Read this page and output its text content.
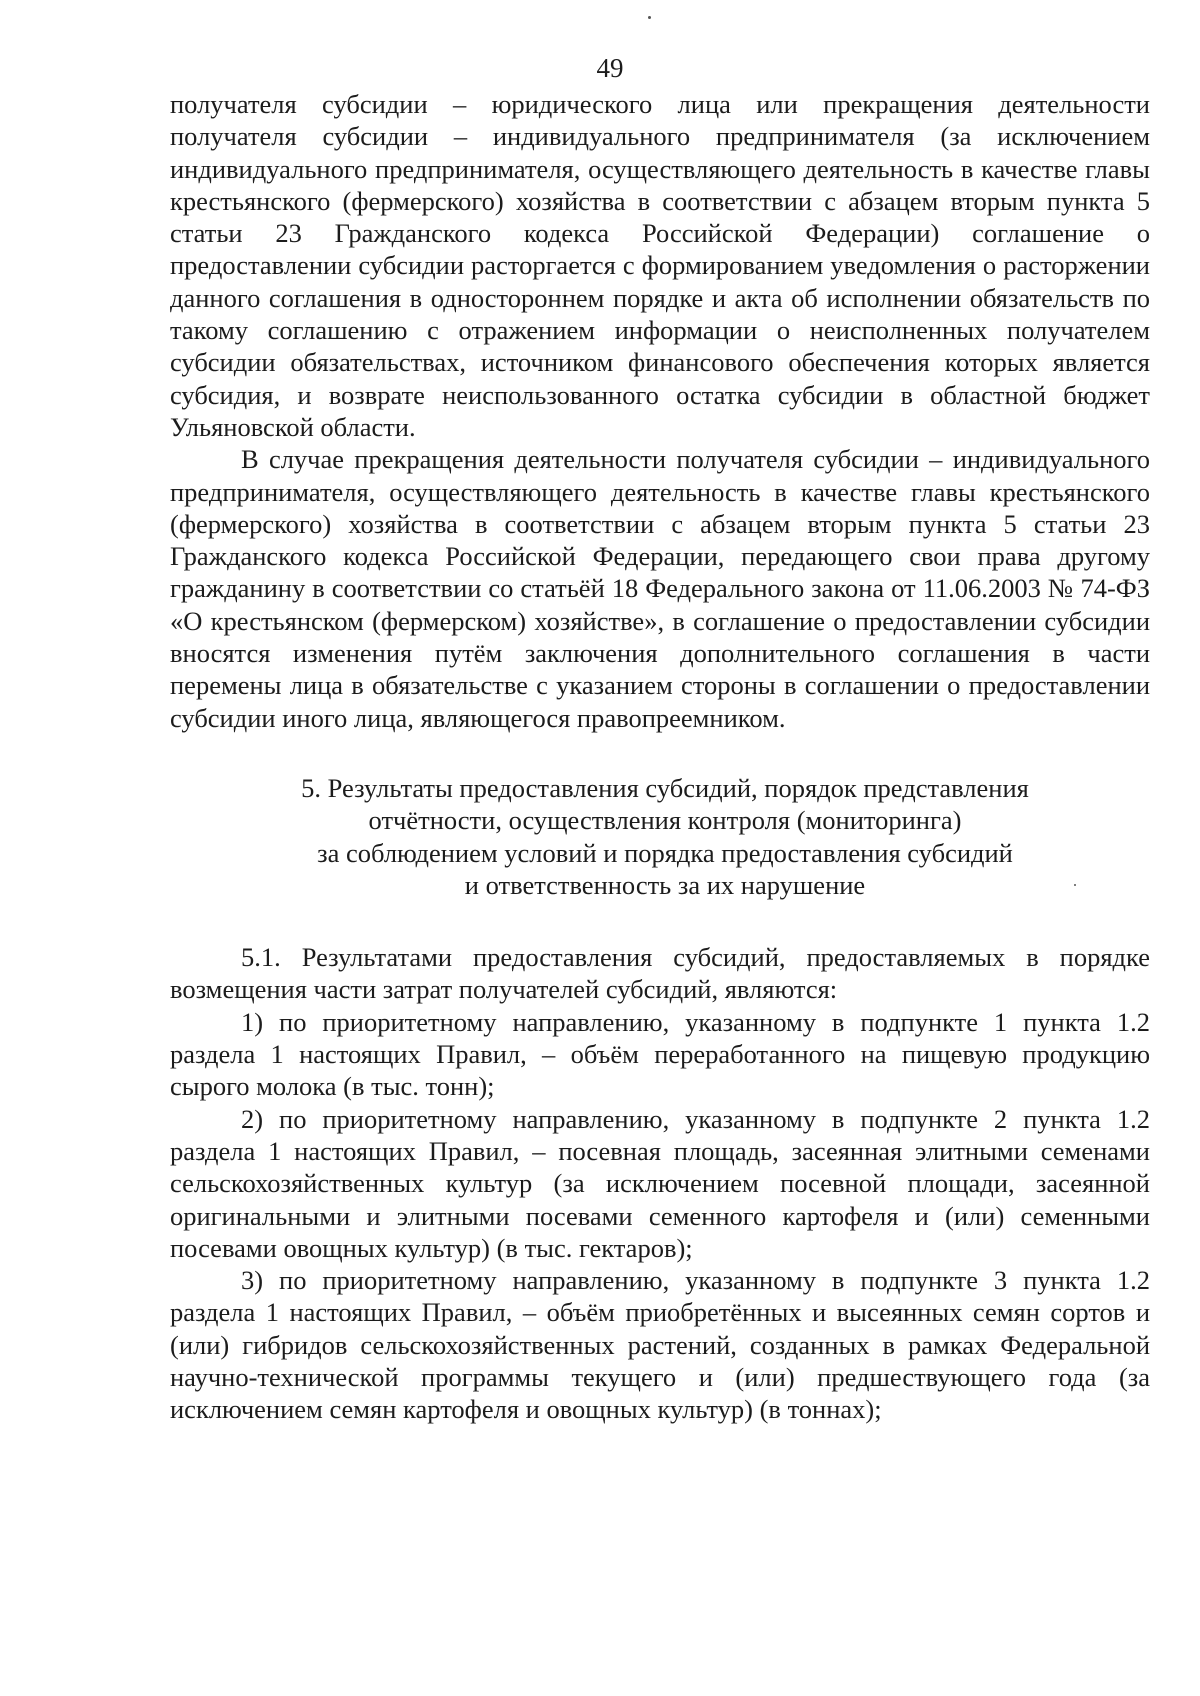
49

получателя субсидии – юридического лица или прекращения деятельности получателя субсидии – индивидуального предпринимателя (за исключением индивидуального предпринимателя, осуществляющего деятельность в качестве главы крестьянского (фермерского) хозяйства в соответствии с абзацем вторым пункта 5 статьи 23 Гражданского кодекса Российской Федерации) соглашение о предоставлении субсидии расторгается с формированием уведомления о расторжении данного соглашения в одностороннем порядке и акта об исполнении обязательств по такому соглашению с отражением информации о неисполненных получателем субсидии обязательствах, источником финансового обеспечения которых является субсидия, и возврате неиспользованного остатка субсидии в областной бюджет Ульяновской области.

В случае прекращения деятельности получателя субсидии – индивидуального предпринимателя, осуществляющего деятельность в качестве главы крестьянского (фермерского) хозяйства в соответствии с абзацем вторым пункта 5 статьи 23 Гражданского кодекса Российской Федерации, передающего свои права другому гражданину в соответствии со статьёй 18 Федерального закона от 11.06.2003 № 74-ФЗ «О крестьянском (фермерском) хозяйстве», в соглашение о предоставлении субсидии вносятся изменения путём заключения дополнительного соглашения в части перемены лица в обязательстве с указанием стороны в соглашении о предоставлении субсидии иного лица, являющегося правопреемником.

5. Результаты предоставления субсидий, порядок представления
отчётности, осуществления контроля (мониторинга)
за соблюдением условий и порядка предоставления субсидий
и ответственность за их нарушение

5.1. Результатами предоставления субсидий, предоставляемых в порядке возмещения части затрат получателей субсидий, являются:

1) по приоритетному направлению, указанному в подпункте 1 пункта 1.2 раздела 1 настоящих Правил, – объём переработанного на пищевую продукцию сырого молока (в тыс. тонн);

2) по приоритетному направлению, указанному в подпункте 2 пункта 1.2 раздела 1 настоящих Правил, – посевная площадь, засеянная элитными семенами сельскохозяйственных культур (за исключением посевной площади, засеянной оригинальными и элитными посевами семенного картофеля и (или) семенными посевами овощных культур) (в тыс. гектаров);

3) по приоритетному направлению, указанному в подпункте 3 пункта 1.2 раздела 1 настоящих Правил, – объём приобретённых и высеянных семян сортов и (или) гибридов сельскохозяйственных растений, созданных в рамках Федеральной научно-технической программы текущего и (или) предшествующего года (за исключением семян картофеля и овощных культур) (в тоннах);
